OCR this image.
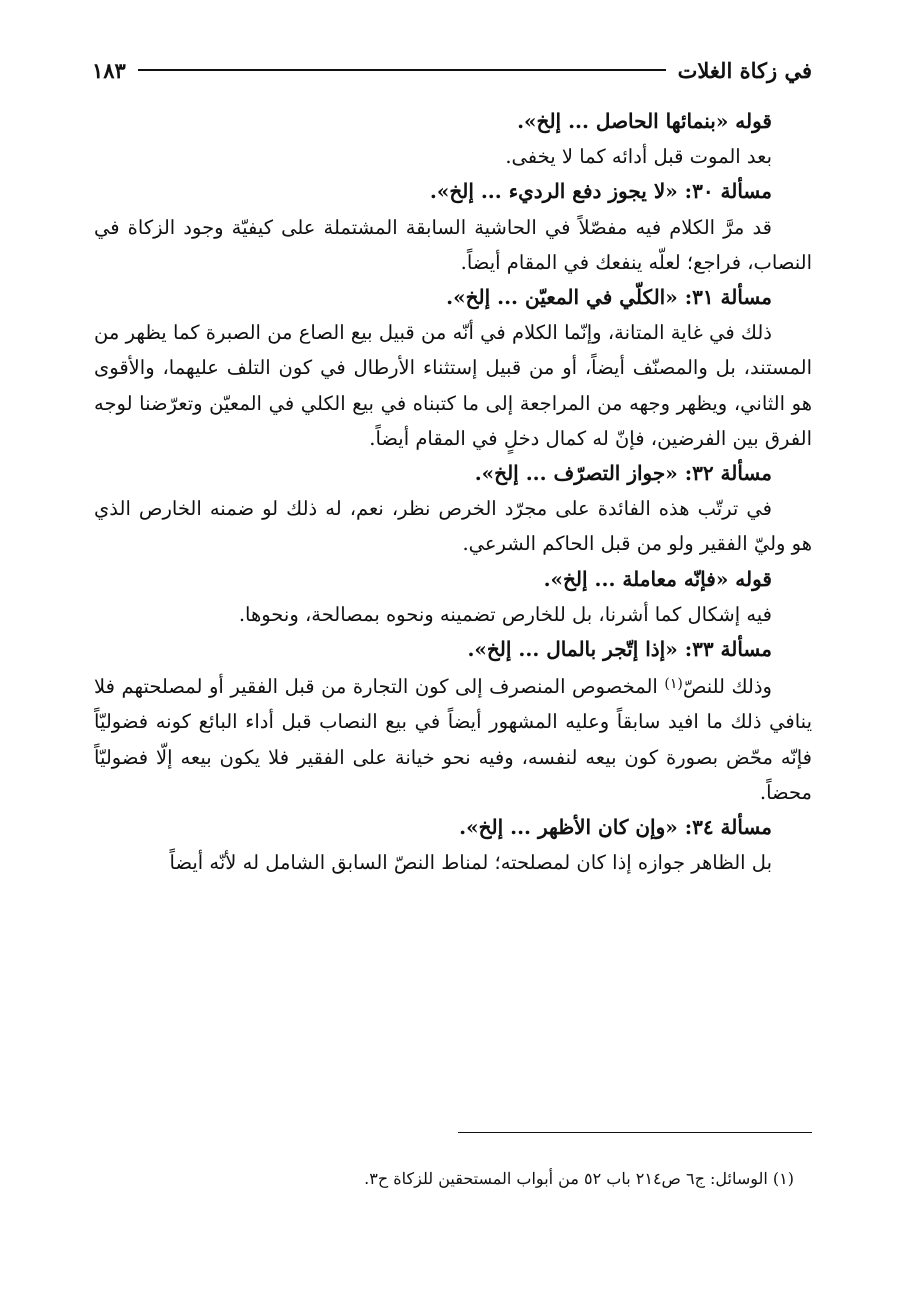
في زكاة الغلات
١٨٣

قوله «بنمائها الحاصل ... إلخ».

بعد الموت قبل أدائه كما لا يخفى.

مسألة ٣٠: «لا يجوز دفع الرديء ... إلخ».

قد مرَّ الكلام فيه مفصّلاً في الحاشية السابقة المشتملة على كيفيّة وجود الزكاة في النصاب، فراجع؛ لعلّه ينفعك في المقام أيضاً.

مسألة ٣١: «الكلّي في المعيّن ... إلخ».

ذلك في غاية المتانة، وإنّما الكلام في أنّه من قبيل بيع الصاع من الصبرة كما يظهر من المستند، بل والمصنّف أيضاً، أو من قبيل إستثناء الأرطال في كون التلف عليهما، والأقوى هو الثاني، ويظهر وجهه من المراجعة إلى ما كتبناه في بيع الكلي في المعيّن وتعرّضنا لوجه الفرق بين الفرضين، فإنّ له كمال دخلٍ في المقام أيضاً.

مسألة ٣٢: «جواز التصرّف ... إلخ».

في ترتّب هذه الفائدة على مجرّد الخرص نظر، نعم، له ذلك لو ضمنه الخارص الذي هو وليّ الفقير ولو من قبل الحاكم الشرعي.

قوله «فإنّه معاملة ... إلخ».

فيه إشكال كما أشرنا، بل للخارص تضمينه ونحوه بمصالحة، ونحوها.

مسألة ٣٣: «إذا إتّجر بالمال ... إلخ».

وذلك للنصّ$^{(١)}$ المخصوص المنصرف إلى كون التجارة من قبل الفقير أو لمصلحتهم فلا ينافي ذلك ما افيد سابقاً وعليه المشهور أيضاً في بيع النصاب قبل أداء البائع كونه فضوليّاً فإنّه محّض بصورة كون بيعه لنفسه، وفيه نحو خيانة على الفقير فلا يكون بيعه إلّا فضوليّاً محضاً.

مسألة ٣٤: «وإن كان الأظهر ... إلخ».

بل الظاهر جوازه إذا كان لمصلحته؛ لمناط النصّ السابق الشامل له لأنّه أيضاً

(١) الوسائل: ج٦ ص٢١٤ باب ٥٢ من أبواب المستحقين للزكاة ح٣.
